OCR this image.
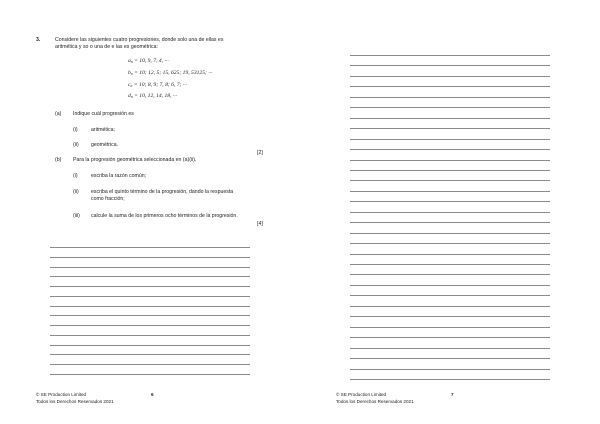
3.	Considere las siguientes cuatro progresiones, donde solo una de ellas es
aritmética y so o una de e las es geométrica:
$a_n = 10$, 9, 7, 4, ···
$b_n = 10$; 12, 5; 15, 625; 19, 53125; ···
$c_n = 10$; 8, 9; 7, 8; 6, 7; ···
$d_n = 10$, 12, 14, 18, ···
(a) Indique cuál progresión es
(i)	aritmética;
(ii) geométrica.
[2]
(b) Para la progresión geométrica seleccionada en (a)(ii),
(i)	escriba la razón común;
(ii) escriba el quinto término de la progresión, dando la respuesta
como fracción;
(iii) calcule la suma de los primeros ocho términos de la progresión.
[4]
© SE Production Limited
Todos los Derechos Reservados 2021
6	© SE Production Limited
Todos los Derechos Reservados 2021
7
